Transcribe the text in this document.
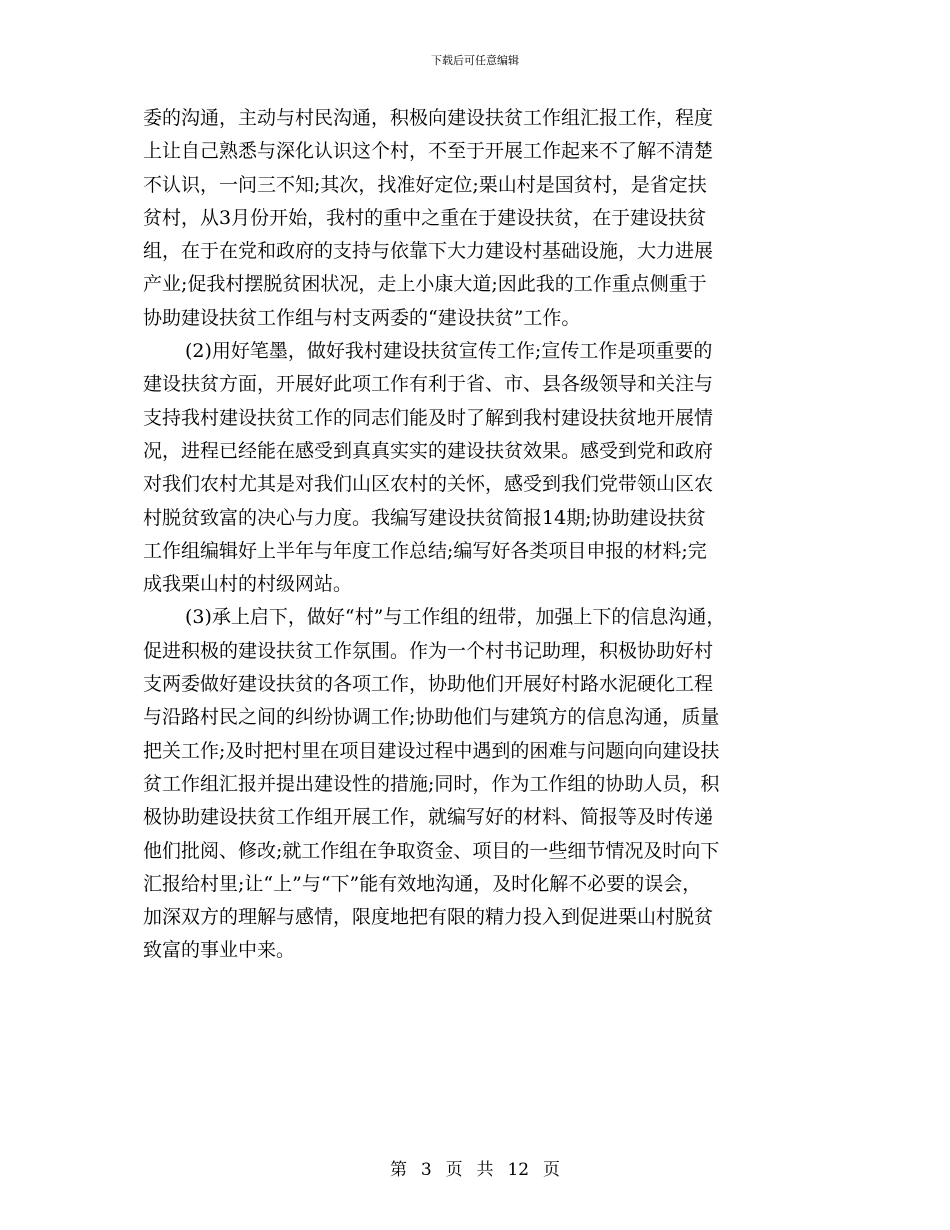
下载后可任意编辑
委的沟通，主动与村民沟通，积极向建设扶贫工作组汇报工作，程度
上让自己熟悉与深化认识这个村，不至于开展工作起来不了解不清楚
不认识，一问三不知;其次，找准好定位;栗山村是国贫村，是省定扶
贫村，从3月份开始，我村的重中之重在于建设扶贫，在于建设扶贫
组，在于在党和政府的支持与依靠下大力建设村基础设施，大力进展
产业;促我村摆脱贫困状况，走上小康大道;因此我的工作重点侧重于
协助建设扶贫工作组与村支两委的“建设扶贫”工作。
(2)用好笔墨，做好我村建设扶贫宣传工作;宣传工作是项重要的
建设扶贫方面，开展好此项工作有利于省、市、县各级领导和关注与
支持我村建设扶贫工作的同志们能及时了解到我村建设扶贫地开展情
况，进程已经能在感受到真真实实的建设扶贫效果。感受到党和政府
对我们农村尤其是对我们山区农村的关怀，感受到我们党带领山区农
村脱贫致富的决心与力度。我编写建设扶贫简报14期;协助建设扶贫
工作组编辑好上半年与年度工作总结;编写好各类项目申报的材料;完
成我栗山村的村级网站。
(3)承上启下，做好“村”与工作组的纽带，加强上下的信息沟通，
促进积极的建设扶贫工作氛围。作为一个村书记助理，积极协助好村
支两委做好建设扶贫的各项工作，协助他们开展好村路水泥硬化工程
与沿路村民之间的纠纷协调工作;协助他们与建筑方的信息沟通，质量
把关工作;及时把村里在项目建设过程中遇到的困难与问题向向建设扶
贫工作组汇报并提出建设性的措施;同时，作为工作组的协助人员，积
极协助建设扶贫工作组开展工作，就编写好的材料、简报等及时传递
他们批阅、修改;就工作组在争取资金、项目的一些细节情况及时向下
汇报给村里;让“上”与“下”能有效地沟通，及时化解不必要的误会，
加深双方的理解与感情，限度地把有限的精力投入到促进栗山村脱贫
致富的事业中来。
第 3 页 共 12 页
